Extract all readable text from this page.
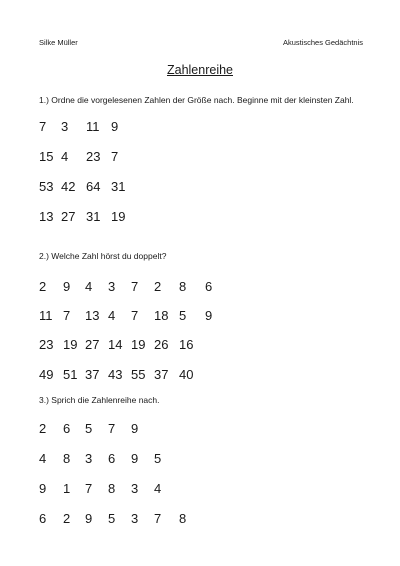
Silke Müller	Akustisches Gedächtnis
Zahlenreihe
1.) Ordne die vorgelesenen Zahlen der Größe nach. Beginne mit der kleinsten Zahl.
2.) Welche Zahl hörst du doppelt?
3.) Sprich die Zahlenreihe nach.
7 3 11 9
15 4 23 7
53 42 64 31
13 27 31 19
2 9 4 3 7 2 8 6
11 7 13 4 7 18 5 9
23 19 27 14 19 26 16
49 51 37 43 55 37 40
2 6 5 7 9
4 8 3 6 9 5
9 1 7 8 3 4
6 2 9 5 3 7 8
